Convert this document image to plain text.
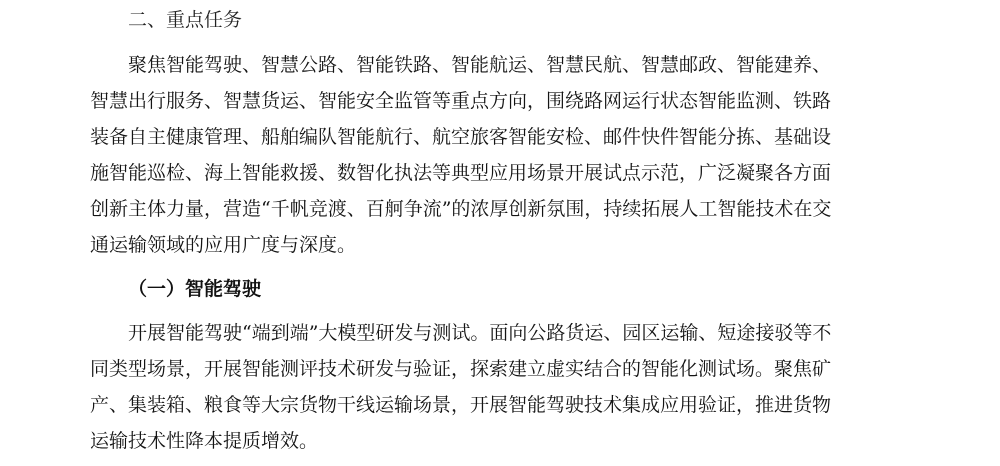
二、重点任务
聚焦智能驾驶、智慧公路、智能铁路、智能航运、智慧民航、智慧邮政、智能建养、
智慧出行服务、智慧货运、智能安全监管等重点方向，围绕路网运行状态智能监测、铁路
装备自主健康管理、船舶编队智能航行、航空旅客智能安检、邮件快件智能分拣、基础设
施智能巡检、海上智能救援、数智化执法等典型应用场景开展试点示范，广泛凝聚各方面
创新主体力量，营造“千帆竞渡、百舸争流”的浓厚创新氛围，持续拓展人工智能技术在交
通运输领域的应用广度与深度。
（一）智能驾驶
开展智能驾驶“端到端”大模型研发与测试。面向公路货运、园区运输、短途接驳等不
同类型场景，开展智能测评技术研发与验证，探索建立虚实结合的智能化测试场。聚焦矿
产、集装箱、粮食等大宗货物干线运输场景，开展智能驾驶技术集成应用验证，推进货物
运输技术性降本提质增效。
